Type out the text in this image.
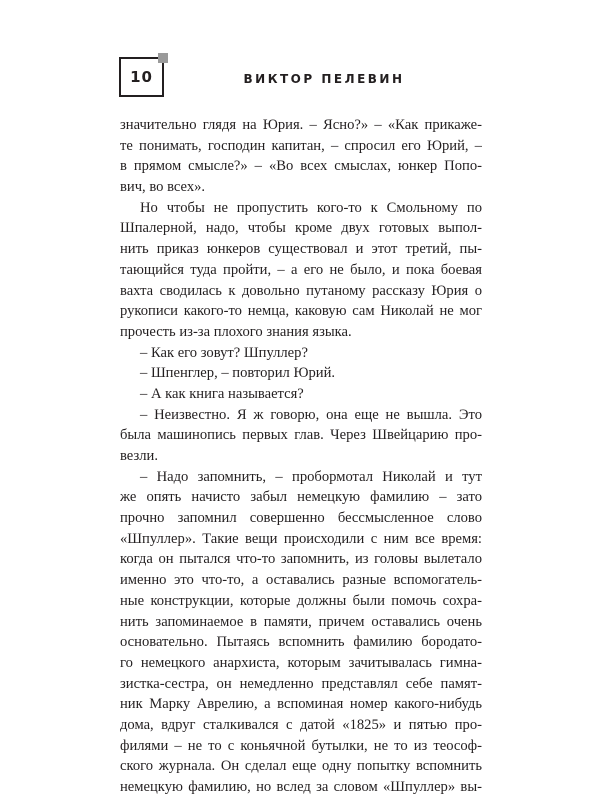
10	ВИКТОР ПЕЛЕВИН
значительно глядя на Юрия. – Ясно?» – «Как прикаже-
те понимать, господин капитан, – спросил его Юрий, –
в прямом смысле?» – «Во всех смыслах, юнкер Попо-
вич, во всех».
Но чтобы не пропустить кого-то к Смольному по
Шпалерной, надо, чтобы кроме двух готовых выпол-
нить приказ юнкеров существовал и этот третий, пы-
тающийся туда пройти, – а его не было, и пока боевая
вахта сводилась к довольно путаному рассказу Юрия о
рукописи какого-то немца, каковую сам Николай не мог
прочесть из-за плохого знания языка.
– Как его зовут? Шпуллер?
– Шпенглер, – повторил Юрий.
– А как книга называется?
– Неизвестно. Я ж говорю, она еще не вышла. Это
была машинопись первых глав. Через Швейцарию про-
везли.
– Надо запомнить, – пробормотал Николай и тут
же опять начисто забыл немецкую фамилию – зато
прочно запомнил совершенно бессмысленное слово
«Шпуллер». Такие вещи происходили с ним все время:
когда он пытался что-то запомнить, из головы вылетало
именно это что-то, а оставались разные вспомогатель-
ные конструкции, которые должны были помочь сохра-
нить запоминаемое в памяти, причем оставались очень
основательно. Пытаясь вспомнить фамилию бородато-
го немецкого анархиста, которым зачитывалась гимна-
зистка-сестра, он немедленно представлял себе памят-
ник Марку Аврелию, а вспоминая номер какого-нибудь
дома, вдруг сталкивался с датой «1825» и пятью про-
филями – не то с коньячной бутылки, не то из теософ-
ского журнала. Он сделал еще одну попытку вспомнить
немецкую фамилию, но вслед за словом «Шпуллер» вы-
